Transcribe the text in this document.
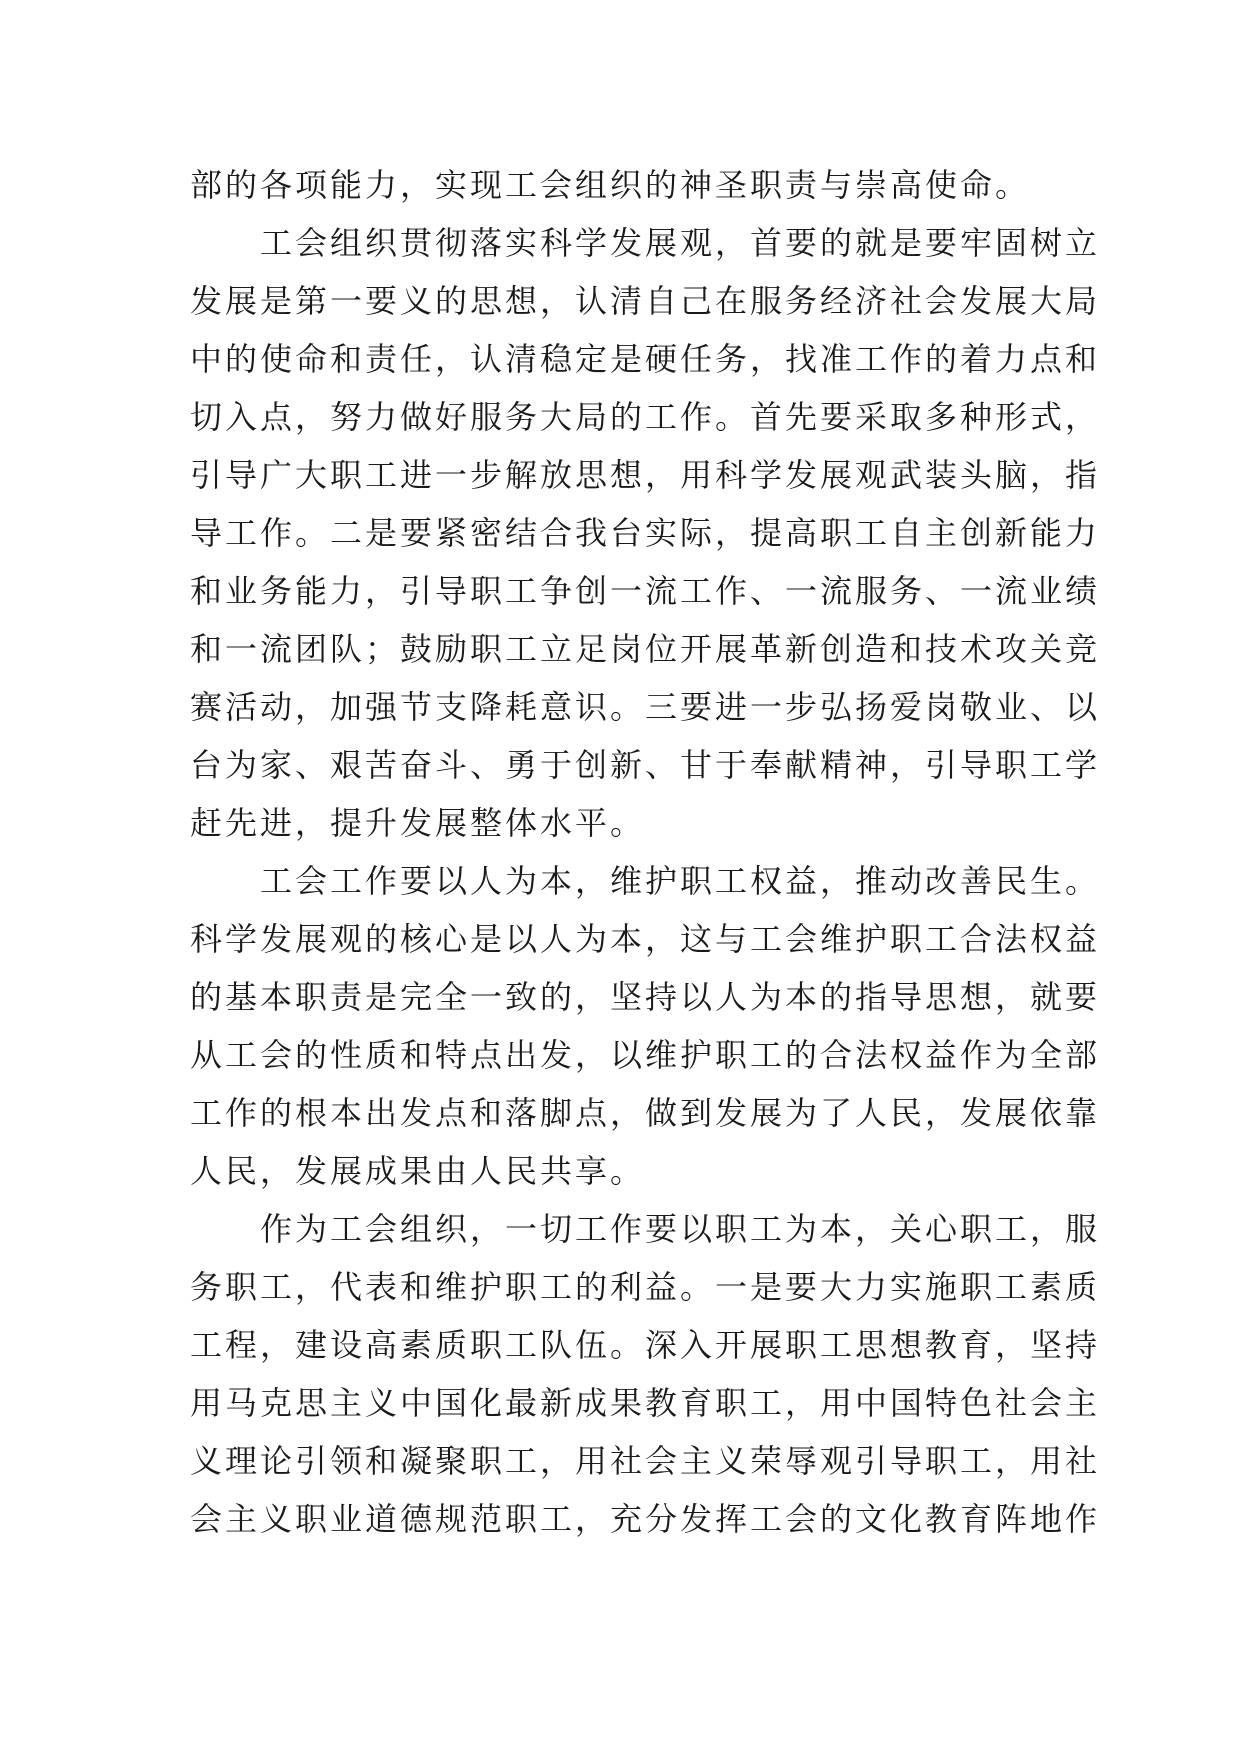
部的各项能力，实现工会组织的神圣职责与崇高使命。
工会组织贯彻落实科学发展观，首要的就是要牢固树立
发展是第一要义的思想，认清自己在服务经济社会发展大局
中的使命和责任，认清稳定是硬任务，找准工作的着力点和
切入点，努力做好服务大局的工作。首先要采取多种形式，
引导广大职工进一步解放思想，用科学发展观武装头脑，指
导工作。二是要紧密结合我台实际，提高职工自主创新能力
和业务能力，引导职工争创一流工作、一流服务、一流业绩
和一流团队；鼓励职工立足岗位开展革新创造和技术攻关竞
赛活动，加强节支降耗意识。三要进一步弘扬爱岗敬业、以
台为家、艰苦奋斗、勇于创新、甘于奉献精神，引导职工学
赶先进，提升发展整体水平。
工会工作要以人为本，维护职工权益，推动改善民生。
科学发展观的核心是以人为本，这与工会维护职工合法权益
的基本职责是完全一致的，坚持以人为本的指导思想，就要
从工会的性质和特点出发，以维护职工的合法权益作为全部
工作的根本出发点和落脚点，做到发展为了人民，发展依靠
人民，发展成果由人民共享。
作为工会组织，一切工作要以职工为本，关心职工，服
务职工，代表和维护职工的利益。一是要大力实施职工素质
工程，建设高素质职工队伍。深入开展职工思想教育，坚持
用马克思主义中国化最新成果教育职工，用中国特色社会主
义理论引领和凝聚职工，用社会主义荣辱观引导职工，用社
会主义职业道德规范职工，充分发挥工会的文化教育阵地作
